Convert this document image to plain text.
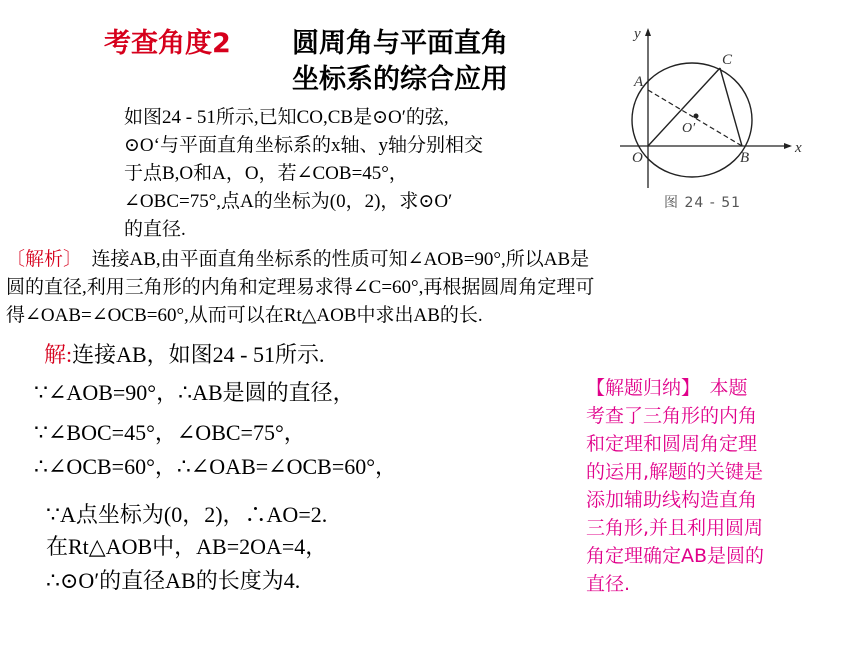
考查角度2 圆周角与平面直角
坐标系的综合应用
y
x
A
C
O	B
O′
图 24 - 51
如图24 - 51所示,已知CO,CB是⊙O′的弦,
⊙O‘与平面直角坐标系的x轴、y轴分别相交
于点B,O和A，O，若∠COB=45°，
∠OBC=75°,点A的坐标为(0，2)，求⊙O′
的直径.
〔解析〕　连接AB,由平面直角坐标系的性质可知∠AOB=90°,所以AB是
圆的直径,利用三角形的内角和定理易求得∠C=60°,再根据圆周角定理可
得∠OAB=∠OCB=60°,从而可以在Rt△AOB中求出AB的长.
解:连接AB，如图24 - 51所示.
∵∠AOB=90°，∴AB是圆的直径，
∵∠BOC=45°，∠OBC=75°，
∴∠OCB=60°，∴∠OAB=∠OCB=60°，
∵A点坐标为(0，2)，∴AO=2.
在Rt△AOB中，AB=2OA=4，
∴⊙O′的直径AB的长度为4.
【解题归纳】　本题
考查了三角形的内角
和定理和圆周角定理
的运用,解题的关键是
添加辅助线构造直角
三角形,并且利用圆周
角定理确定AB是圆的
直径.
